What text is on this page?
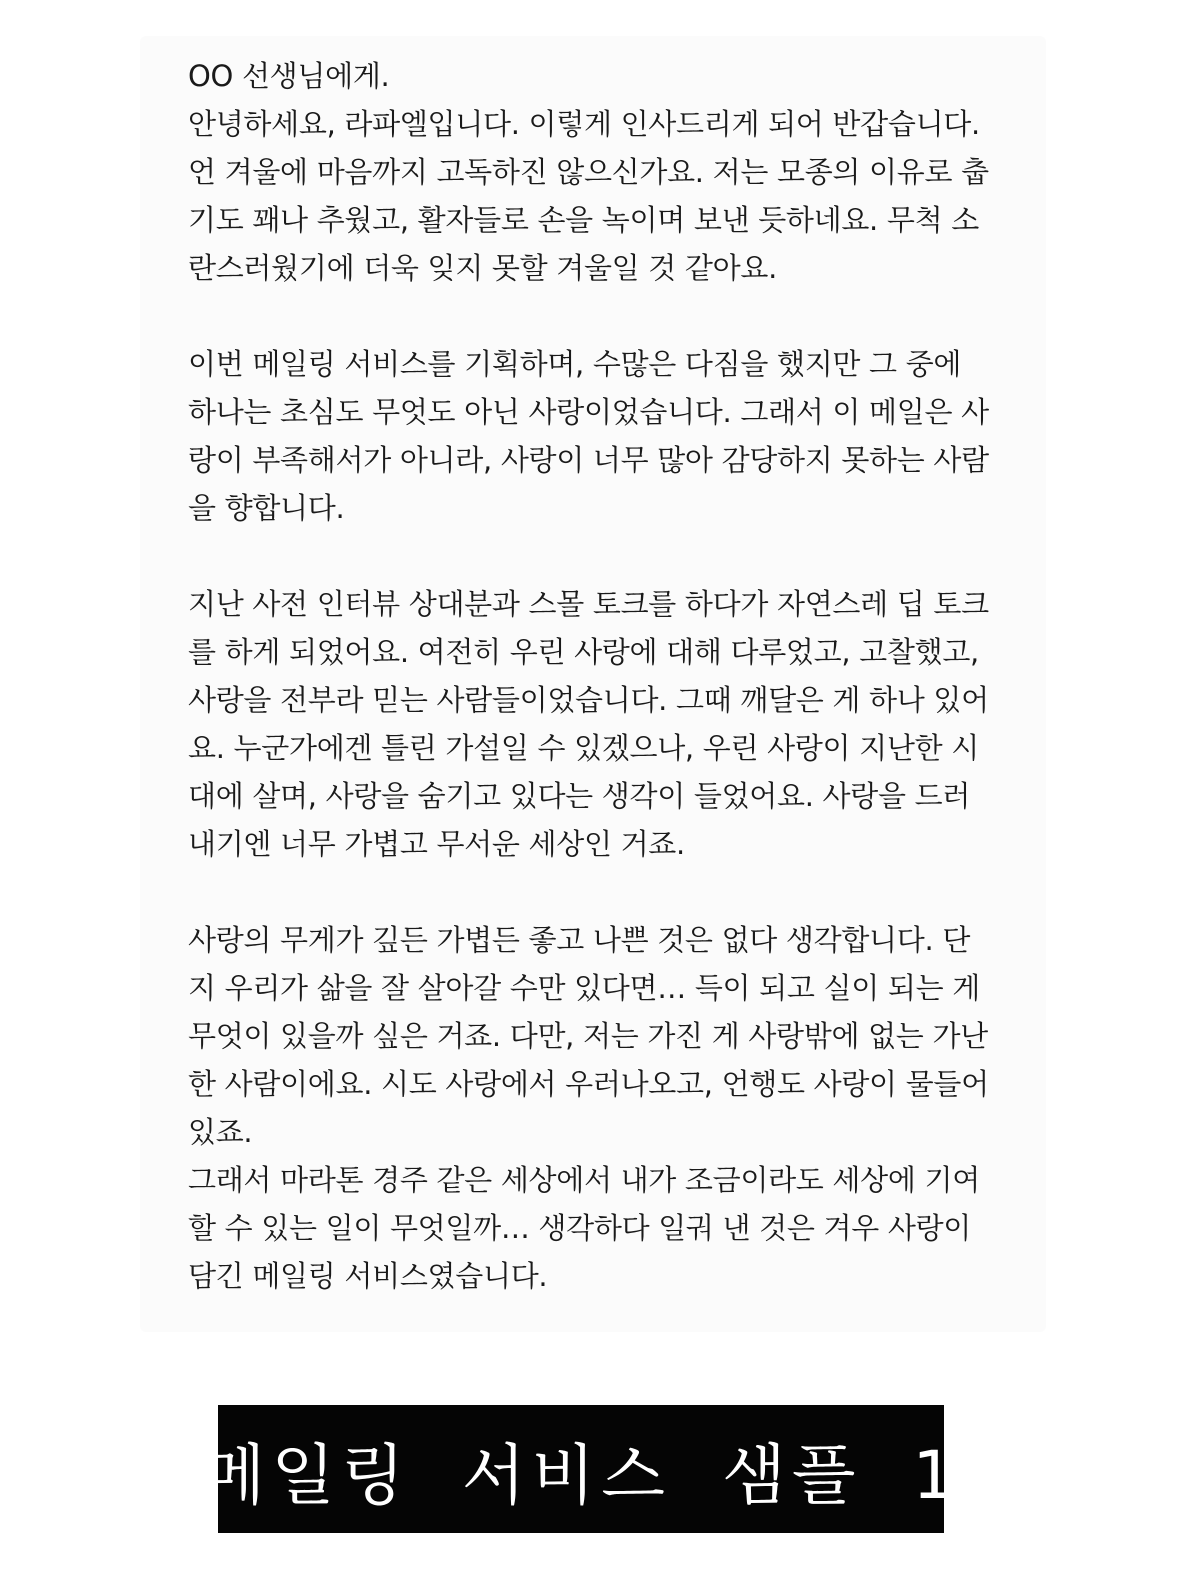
OO 선생님에게.
안녕하세요, 라파엘입니다. 이렇게 인사드리게 되어 반갑습니다.
언 겨울에 마음까지 고독하진 않으신가요. 저는 모종의 이유로 춥
기도 꽤나 추웠고, 활자들로 손을 녹이며 보낸 듯하네요. 무척 소
란스러웠기에 더욱 잊지 못할 겨울일 것 같아요.
이번 메일링 서비스를 기획하며, 수많은 다짐을 했지만 그 중에
하나는 초심도 무엇도 아닌 사랑이었습니다. 그래서 이 메일은 사
랑이 부족해서가 아니라, 사랑이 너무 많아 감당하지 못하는 사람
을 향합니다.
지난 사전 인터뷰 상대분과 스몰 토크를 하다가 자연스레 딥 토크
를 하게 되었어요. 여전히 우린 사랑에 대해 다루었고, 고찰했고,
사랑을 전부라 믿는 사람들이었습니다. 그때 깨달은 게 하나 있어
요. 누군가에겐 틀린 가설일 수 있겠으나, 우린 사랑이 지난한 시
대에 살며, 사랑을 숨기고 있다는 생각이 들었어요. 사랑을 드러
내기엔 너무 가볍고 무서운 세상인 거죠.
사랑의 무게가 깊든 가볍든 좋고 나쁜 것은 없다 생각합니다. 단
지 우리가 삶을 잘 살아갈 수만 있다면… 득이 되고 실이 되는 게
무엇이 있을까 싶은 거죠. 다만, 저는 가진 게 사랑밖에 없는 가난
한 사람이에요. 시도 사랑에서 우러나오고, 언행도 사랑이 물들어
있죠.
그래서 마라톤 경주 같은 세상에서 내가 조금이라도 세상에 기여
할 수 있는 일이 무엇일까… 생각하다 일궈 낸 것은 겨우 사랑이
담긴 메일링 서비스였습니다.
메일링 서비스 샘플 1
